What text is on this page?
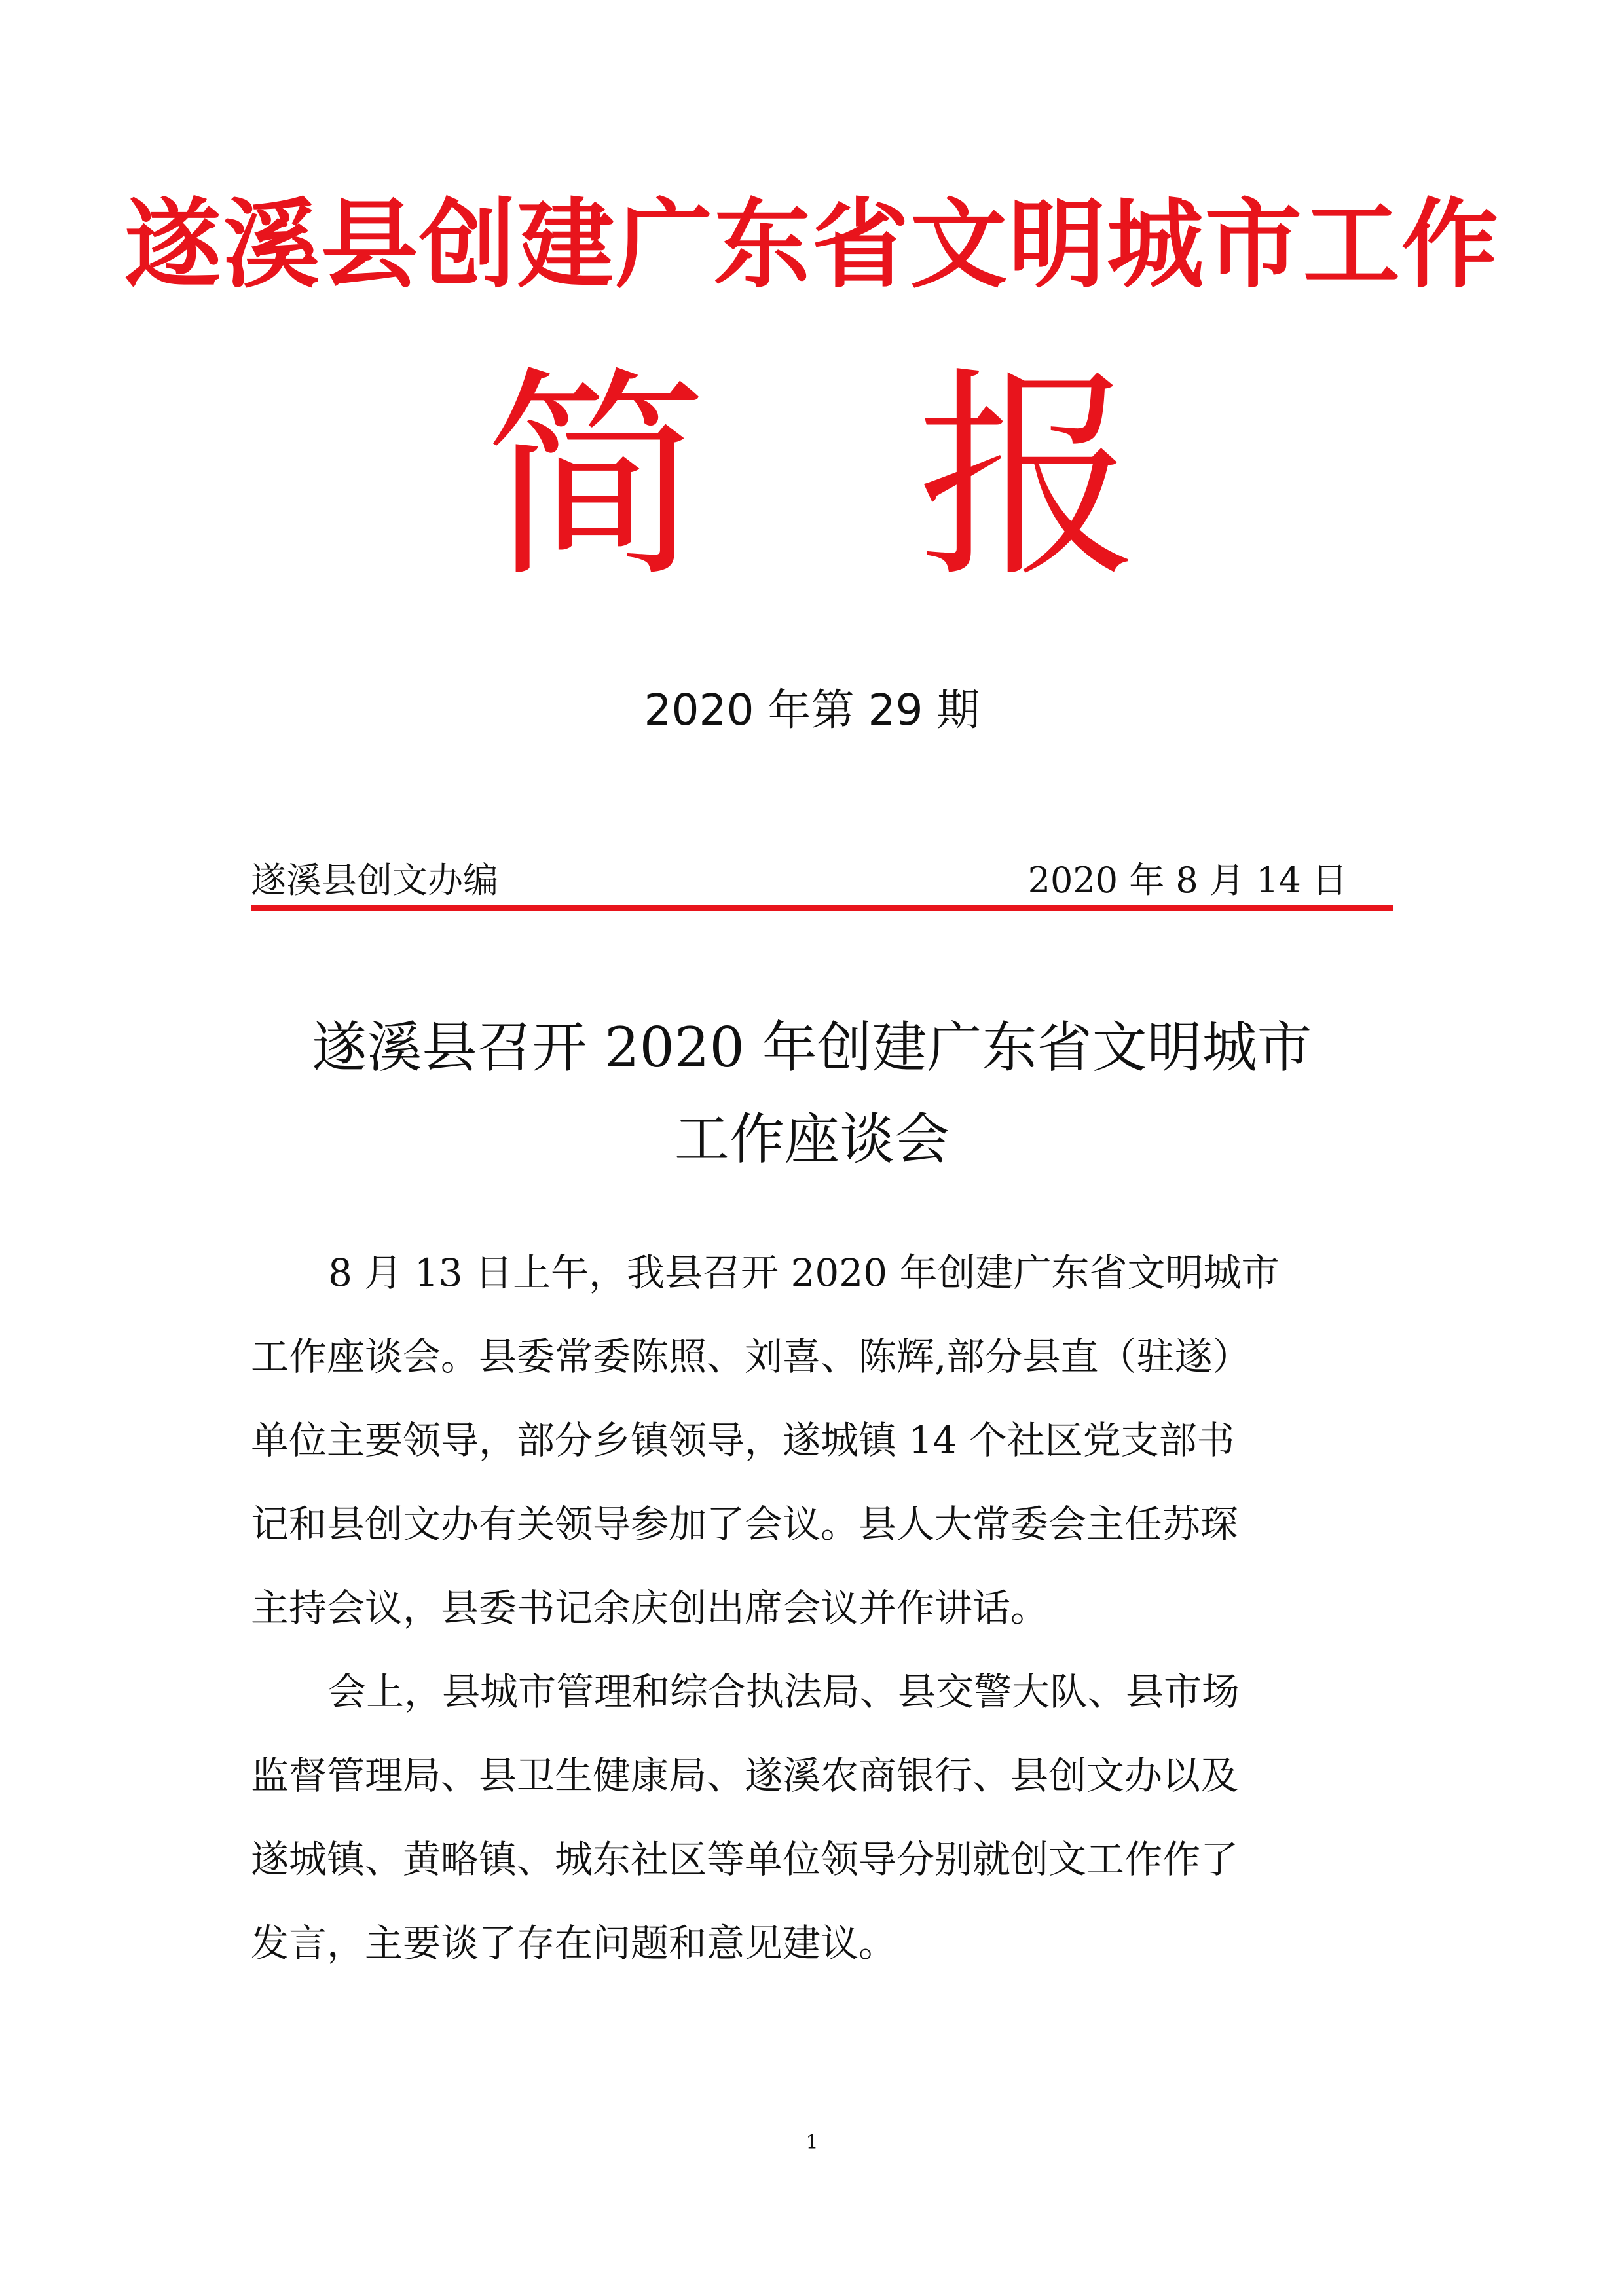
遂溪县创建广东省文明城市工作
简 报
2020 年第 29 期
遂溪县创文办编	2020 年 8 月 14 日
遂溪县召开 2020 年创建广东省文明城市
工作座谈会
8 月 13 日上午，我县召开 2020 年创建广东省文明城市
工作座谈会。县委常委陈照、刘喜、陈辉,部分县直（驻遂）
单位主要领导，部分乡镇领导，遂城镇 14 个社区党支部书
记和县创文办有关领导参加了会议。县人大常委会主任苏琛
主持会议，县委书记余庆创出席会议并作讲话。
会上，县城市管理和综合执法局、县交警大队、县市场
监督管理局、县卫生健康局、遂溪农商银行、县创文办以及
遂城镇、黄略镇、城东社区等单位领导分别就创文工作作了
发言，主要谈了存在问题和意见建议。
1
